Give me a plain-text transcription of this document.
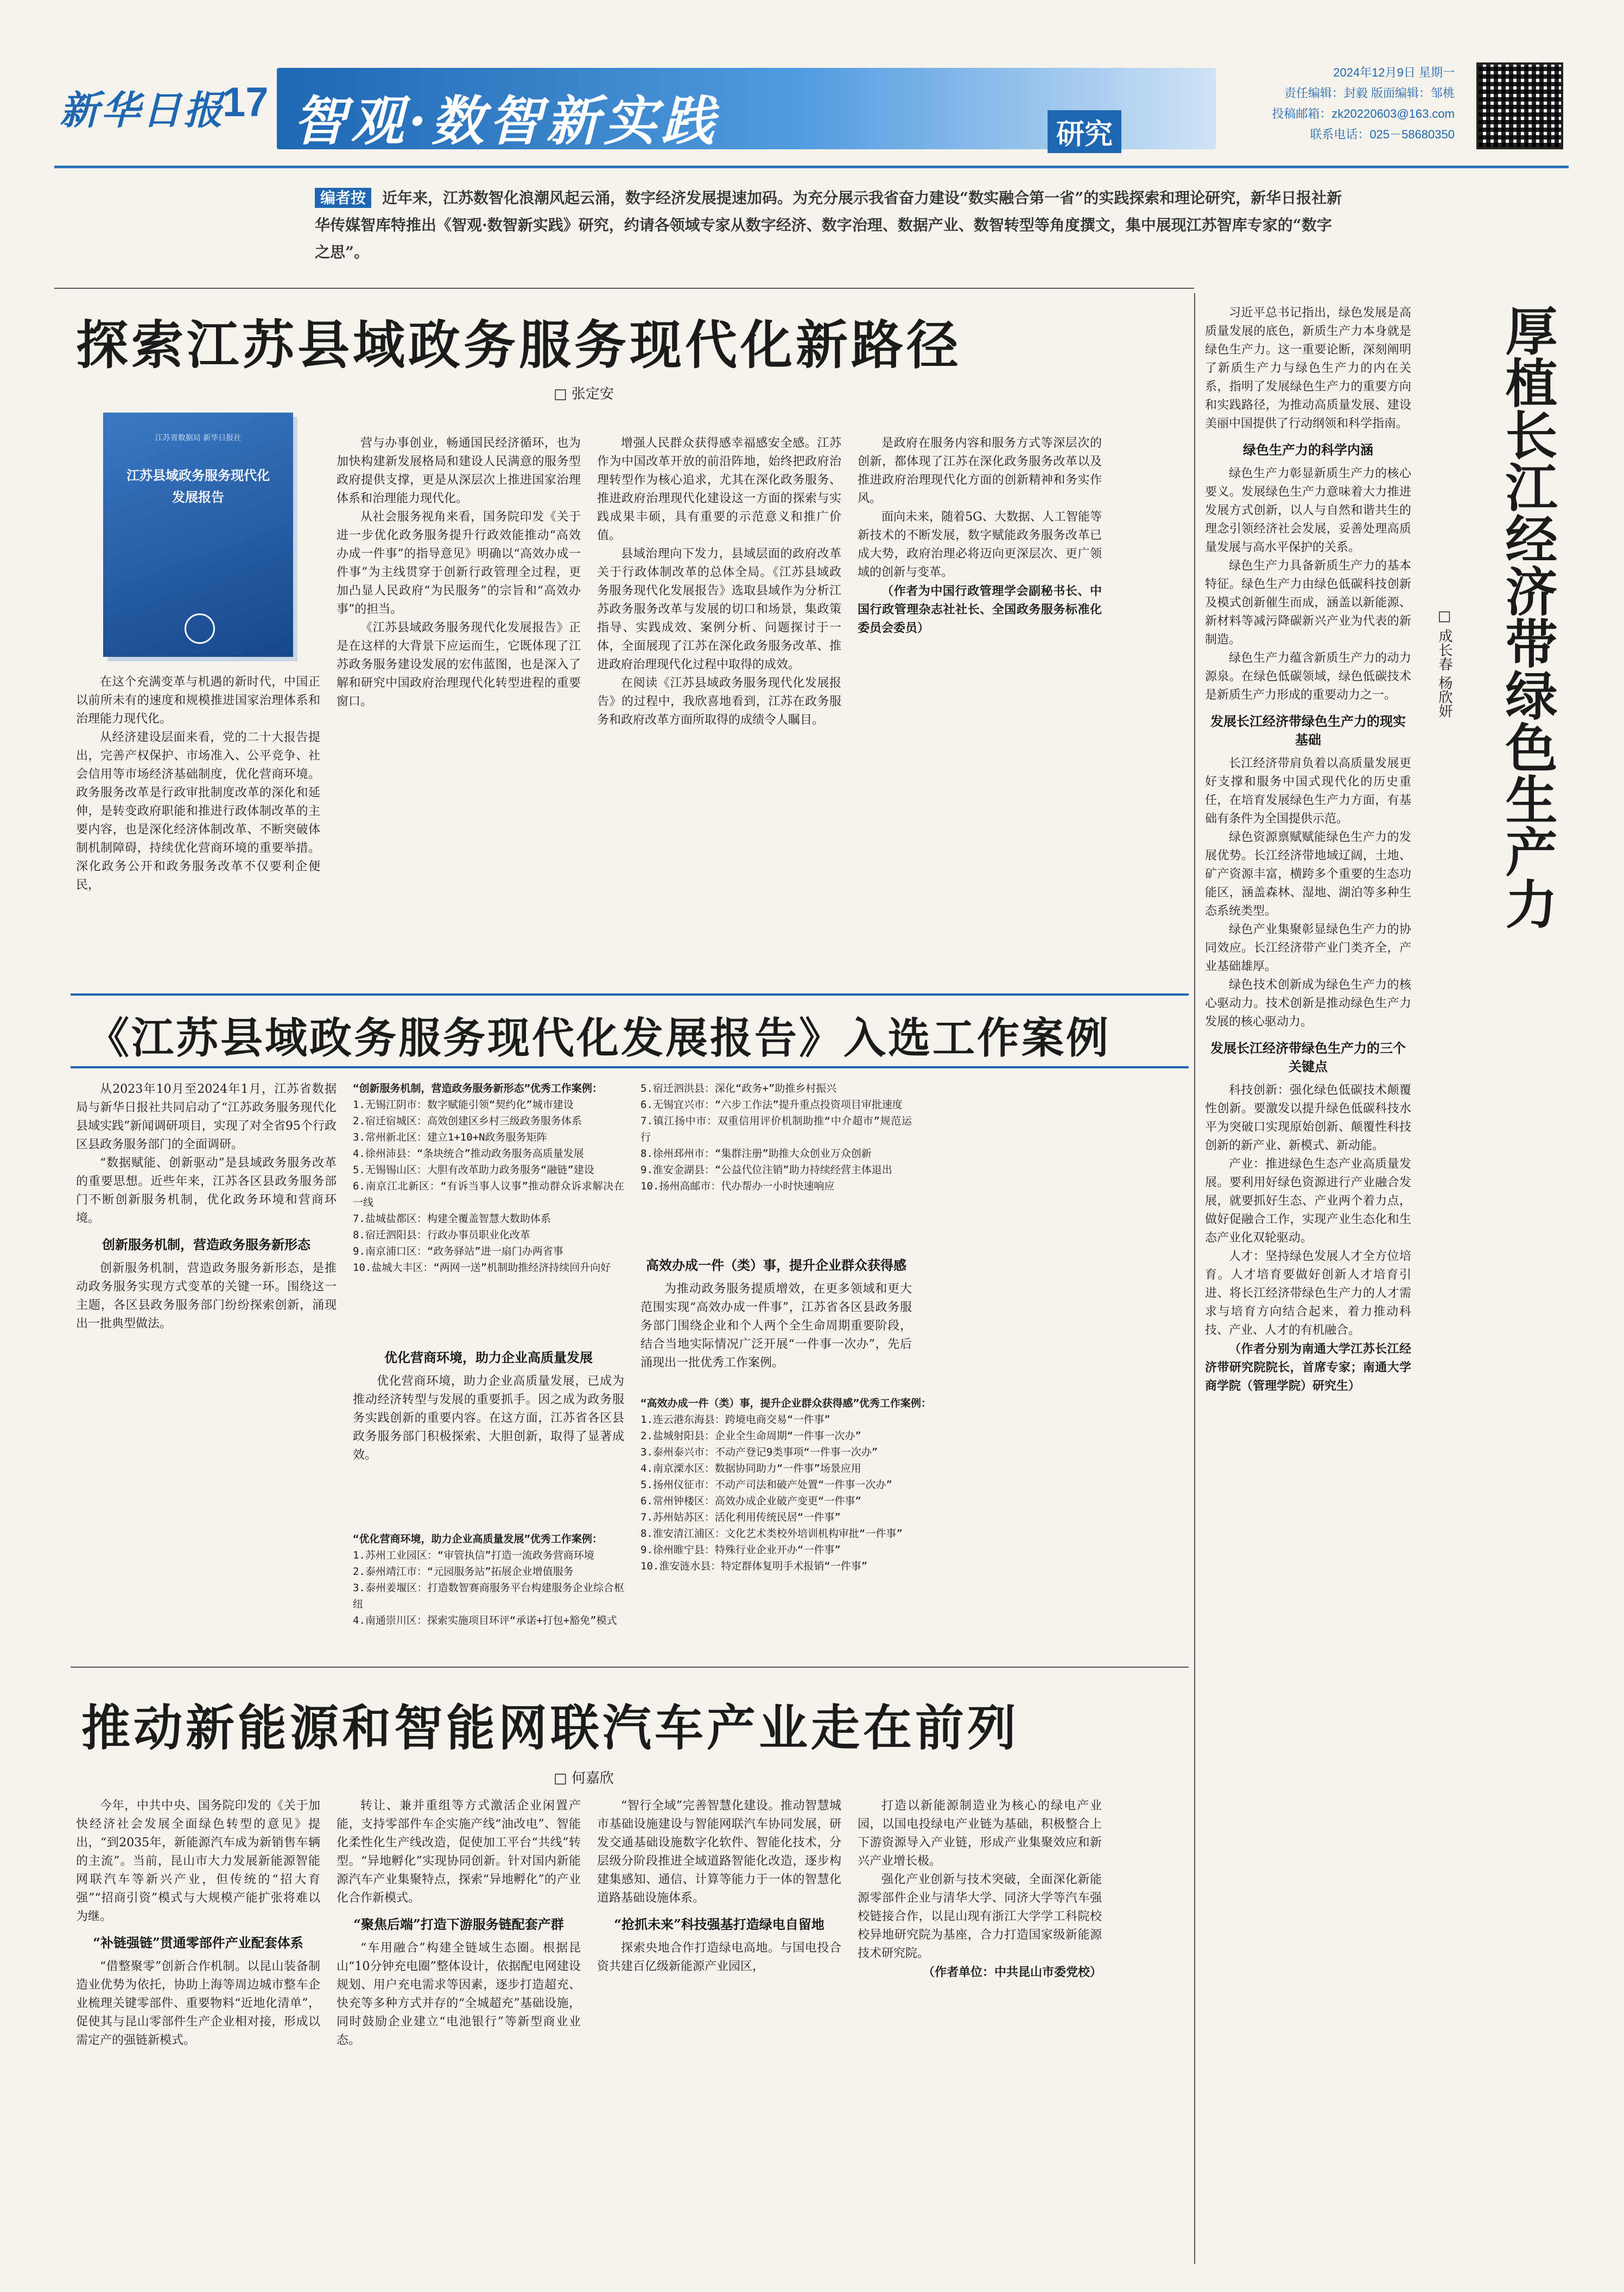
新华日报
17 智观·数智新实践	研究
2024年12月9日 星期一
责任编辑：封毅 版面编辑：邹桃
投稿邮箱：zk20220603@163.com
联系电话：025－58680350
编者按 近年来，江苏数智化浪潮风起云涌，数字经济发展提速加码。为充分展示我省奋力建设“数实融合第一省”的实践探索和理论研究，新华日报社新华传媒智库特推出《智观·数智新实践》研究，约请各领域专家从数字经济、数字治理、数据产业、数智转型等角度撰文，集中展现江苏智库专家的“数字之思”。
探索江苏县域政务服务现代化新路径
□ 张定安
江苏省数据局 新华日报社
江苏县域政务服务现代化发展报告

在这个充满变革与机遇的新时代，中国正以前所未有的速度和规模推进国家治理体系和治理能力现代化。

从经济建设层面来看，党的二十大报告提出，完善产权保护、市场准入、公平竞争、社会信用等市场经济基础制度，优化营商环境。政务服务改革是行政审批制度改革的深化和延伸，是转变政府职能和推进行政体制改革的主要内容，也是深化经济体制改革、不断突破体制机制障碍，持续优化营商环境的重要举措。深化政务公开和政务服务改革不仅要利企便民，

营与办事创业，畅通国民经济循环，也为加快构建新发展格局和建设人民满意的服务型政府提供支撑，更是从深层次上推进国家治理体系和治理能力现代化。

从社会服务视角来看，国务院印发《关于进一步优化政务服务提升行政效能推动“高效办成一件事”的指导意见》明确以“高效办成一件事”为主线贯穿于创新行政管理全过程，更加凸显人民政府“为民服务”的宗旨和“高效办事”的担当。

《江苏县域政务服务现代化发展报告》正是在这样的大背景下应运而生，它既体现了江苏政务服务建设发展的宏伟蓝图，也是深入了解和研究中国政府治理现代化转型进程的重要窗口。

增强人民群众获得感幸福感安全感。江苏作为中国改革开放的前沿阵地，始终把政府治理转型作为核心追求，尤其在深化政务服务、推进政府治理现代化建设这一方面的探索与实践成果丰硕，具有重要的示范意义和推广价值。

县域治理向下发力，县域层面的政府改革关于行政体制改革的总体全局。《江苏县域政务服务现代化发展报告》选取县域作为分析江苏政务服务改革与发展的切口和场景，集政策指导、实践成效、案例分析、问题探讨于一体，全面展现了江苏在深化政务服务改革、推进政府治理现代化过程中取得的成效。

在阅读《江苏县域政务服务现代化发展报告》的过程中，我欣喜地看到，江苏在政务服务和政府改革方面所取得的成绩令人瞩目。

是政府在服务内容和服务方式等深层次的创新，都体现了江苏在深化政务服务改革以及推进政府治理现代化方面的创新精神和务实作风。

面向未来，随着5G、大数据、人工智能等新技术的不断发展，数字赋能政务服务改革已成大势，政府治理必将迈向更深层次、更广领域的创新与变革。

（作者为中国行政管理学会副秘书长、中国行政管理杂志社社长、全国政务服务标准化委员会委员）

《江苏县域政务服务现代化发展报告》入选工作案例

从2023年10月至2024年1月，江苏省数据局与新华日报社共同启动了“江苏政务服务现代化县域实践”新闻调研项目，实现了对全省95个行政区县政务服务部门的全面调研。

“数据赋能、创新驱动”是县域政务服务改革的重要思想。近些年来，江苏各区县政务服务部门不断创新服务机制，优化政务环境和营商环境。

创新服务机制，营造政务服务新形态

创新服务机制，营造政务服务新形态，是推动政务服务实现方式变革的关键一环。围绕这一主题，各区县政务服务部门纷纷探索创新，涌现出一批典型做法。

“创新服务机制，营造政务服务新形态”优秀工作案例：
1.无锡江阴市：数字赋能引领“契约化”城市建设
2.宿迁宿城区：高效创建区乡村三级政务服务体系
3.常州新北区：建立1+10+N政务服务矩阵
4.徐州沛县：“条块统合”推动政务服务高质量发展
5.无锡锡山区：大胆有改革助力政务服务“融链”建设
6.南京江北新区：“有诉当事人议事”推动群众诉求解决在一线
7.盐城盐都区：构建全覆盖智慧大数助体系
8.宿迁泗阳县：行政办事员职业化改革
9.南京浦口区：“政务驿站”进一扇门办两省事
10.盐城大丰区：“两网一送”机制助推经济持续回升向好
优化营商环境，助力企业高质量发展

优化营商环境，助力企业高质量发展，已成为推动经济转型与发展的重要抓手。因之成为政务服务实践创新的重要内容。在这方面，江苏省各区县政务服务部门积极探索、大胆创新，取得了显著成效。

“优化营商环境，助力企业高质量发展”优秀工作案例：
1.苏州工业园区：“审管执信”打造一流政务营商环境
2.泰州靖江市：“元园服务站”拓展企业增值服务
3.泰州姜堰区：打造数智赛商服务平台构建服务企业综合枢纽
4.南通崇川区：探索实施项目环评“承诺+打包+豁免”模式
5.宿迁泗洪县：深化“政务+”助推乡村振兴
6.无锡宜兴市：“六步工作法”提升重点投资项目审批速度
7.镇江扬中市：双重信用评价机制助推“中介超市”规范运行
8.徐州邳州市：“集群注册”助推大众创业万众创新
9.淮安金湖县：“公益代位注销”助力持续经营主体退出
10.扬州高邮市：代办帮办一小时快速响应
高效办成一件（类）事，提升企业群众获得感

为推动政务服务提质增效，在更多领域和更大范围实现“高效办成一件事”，江苏省各区县政务服务部门围绕企业和个人两个全生命周期重要阶段，结合当地实际情况广泛开展“一件事一次办”，先后涌现出一批优秀工作案例。

“高效办成一件（类）事，提升企业群众获得感”优秀工作案例：
1.连云港东海县：跨境电商交易“一件事”
2.盐城射阳县：企业全生命周期“一件事一次办”
3.泰州泰兴市：不动产登记9类事项“一件事一次办”
4.南京溧水区：数据协同助力“一件事”场景应用
5.扬州仪征市：不动产司法和破产处置“一件事一次办”
6.常州钟楼区：高效办成企业破产变更“一件事”
7.苏州姑苏区：活化利用传统民居“一件事”
8.淮安清江浦区：文化艺术类校外培训机构审批“一件事”
9.徐州睢宁县：特殊行业企业开办“一件事”
10.淮安涟水县：特定群体复明手术报销“一件事”
推动新能源和智能网联汽车产业走在前列
□ 何嘉欣

今年，中共中央、国务院印发的《关于加快经济社会发展全面绿色转型的意见》提出，“到2035年，新能源汽车成为新销售车辆的主流”。当前，昆山市大力发展新能源智能网联汽车等新兴产业，但传统的“招大育强”“招商引资”模式与大规模产能扩张将难以为继。

“补链强链”贯通零部件产业配套体系

“借整聚零”创新合作机制。以昆山装备制造业优势为依托，协助上海等周边城市整车企业梳理关键零部件、重要物料“近地化清单”，促使其与昆山零部件生产企业相对接，形成以需定产的强链新模式。

转让、兼并重组等方式激活企业闲置产能，支持零部件车企实施产线“油改电”、智能化柔性化生产线改造，促使加工平台“共线”转型。“异地孵化”实现协同创新。针对国内新能源汽车产业集聚特点，探索“异地孵化”的产业化合作新模式。

“聚焦后端”打造下游服务链配套产群

“车用融合”构建全链域生态圈。根据昆山“10分钟充电圈”整体设计，依据配电网建设规划、用户充电需求等因素，逐步打造超充、快充等多种方式并存的“全城超充”基础设施，同时鼓励企业建立“电池银行”等新型商业业态。

“智行全域”完善智慧化建设。推动智慧城市基础设施建设与智能网联汽车协同发展，研发交通基础设施数字化软件、智能化技术，分层级分阶段推进全域道路智能化改造，逐步构建集感知、通信、计算等能力于一体的智慧化道路基础设施体系。

“抢抓未来”科技强基打造绿电自留地

探索央地合作打造绿电高地。与国电投合资共建百亿级新能源产业园区，

打造以新能源制造业为核心的绿电产业园，以国电投绿电产业链为基础，积极整合上下游资源导入产业链，形成产业集聚效应和新兴产业增长极。

强化产业创新与技术突破，全面深化新能源零部件企业与清华大学、同济大学等汽车强校链接合作，以昆山现有浙江大学学工科院校校异地研究院为基座，合力打造国家级新能源技术研究院。

（作者单位：中共昆山市委党校）

厚植长江经济带绿色生产力
□ 成长春 杨欣妍

习近平总书记指出，绿色发展是高质量发展的底色，新质生产力本身就是绿色生产力。这一重要论断，深刻阐明了新质生产力与绿色生产力的内在关系，指明了发展绿色生产力的重要方向和实践路径，为推动高质量发展、建设美丽中国提供了行动纲领和科学指南。

绿色生产力的科学内涵

绿色生产力彰显新质生产力的核心要义。发展绿色生产力意味着大力推进发展方式创新，以人与自然和谐共生的理念引领经济社会发展，妥善处理高质量发展与高水平保护的关系。

绿色生产力具备新质生产力的基本特征。绿色生产力由绿色低碳科技创新及模式创新催生而成，涵盖以新能源、新材料等减污降碳新兴产业为代表的新制造。

绿色生产力蕴含新质生产力的动力源泉。在绿色低碳领域，绿色低碳技术是新质生产力形成的重要动力之一。

发展长江经济带绿色生产力的现实基础

长江经济带肩负着以高质量发展更好支撑和服务中国式现代化的历史重任，在培育发展绿色生产力方面，有基础有条件为全国提供示范。

绿色资源禀赋赋能绿色生产力的发展优势。长江经济带地域辽阔，土地、矿产资源丰富，横跨多个重要的生态功能区，涵盖森林、湿地、湖泊等多种生态系统类型。

绿色产业集聚彰显绿色生产力的协同效应。长江经济带产业门类齐全，产业基础雄厚。

绿色技术创新成为绿色生产力的核心驱动力。技术创新是推动绿色生产力发展的核心驱动力。

发展长江经济带绿色生产力的三个关键点

科技创新：强化绿色低碳技术颠覆性创新。要激发以提升绿色低碳科技水平为突破口实现原始创新、颠覆性科技创新的新产业、新模式、新动能。

产业：推进绿色生态产业高质量发展。要利用好绿色资源进行产业融合发展，就要抓好生态、产业两个着力点，做好促融合工作，实现产业生态化和生态产业化双轮驱动。

人才：坚持绿色发展人才全方位培育。人才培育要做好创新人才培育引进、将长江经济带绿色生产力的人才需求与培育方向结合起来，着力推动科技、产业、人才的有机融合。

（作者分别为南通大学江苏长江经济带研究院院长，首席专家；南通大学商学院（管理学院）研究生）
